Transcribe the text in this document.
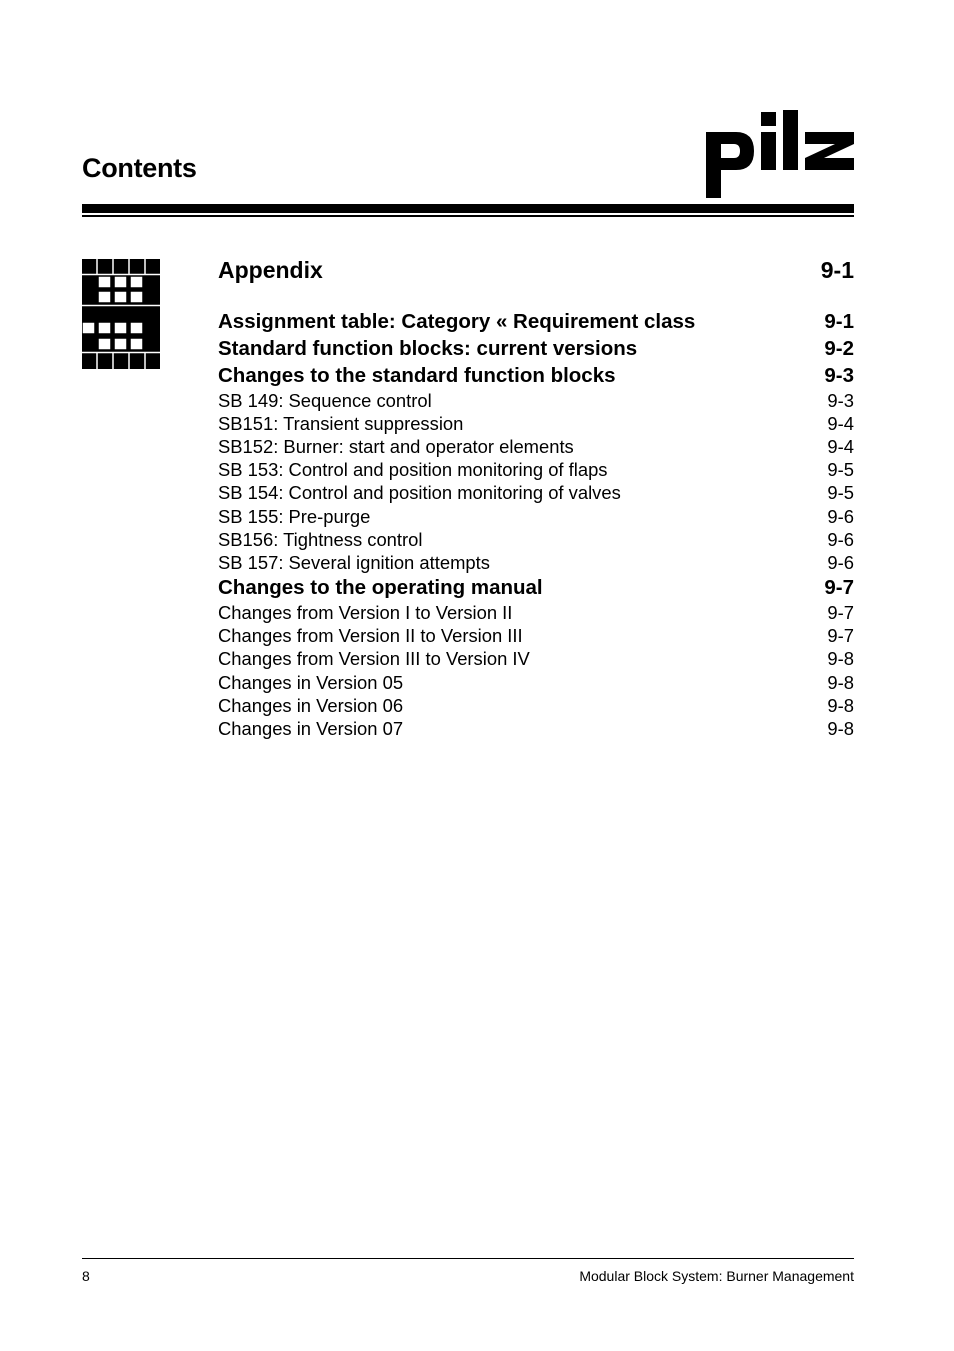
Contents
Appendix	9-1
Assignment table: Category « Requirement class	9-1
Standard function blocks: current versions	9-2
Changes to the standard function blocks	9-3
SB 149: Sequence control	9-3
SB151: Transient suppression	9-4
SB152: Burner: start and operator elements	9-4
SB 153: Control and position monitoring of flaps	9-5
SB 154: Control and position monitoring of valves	9-5
SB 155: Pre-purge	9-6
SB156: Tightness control	9-6
SB 157: Several ignition attempts	9-6
Changes to the operating manual	9-7
Changes from Version I to Version II	9-7
Changes from Version II to Version III	9-7
Changes from Version III to Version IV	9-8
Changes in Version 05	9-8
Changes in Version 06	9-8
Changes in Version 07	9-8
8	Modular Block System: Burner Management
